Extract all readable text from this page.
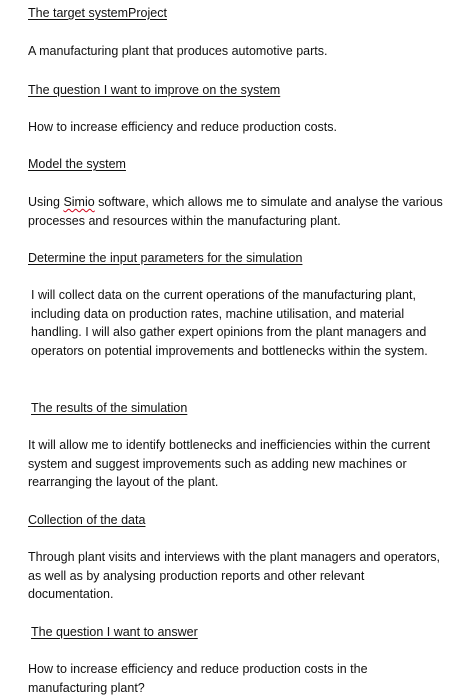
The target systemProject

A manufacturing plant that produces automotive parts.

The question I want to improve on the system

How to increase efficiency and reduce production costs.

Model the system

Using Simio software, which allows me to simulate and analyse the various processes and resources within the manufacturing plant.

Determine the input parameters for the simulation

I will collect data on the current operations of the manufacturing plant, including data on production rates, machine utilisation, and material handling. I will also gather expert opinions from the plant managers and operators on potential improvements and bottlenecks within the system.

The results of the simulation

It will allow me to identify bottlenecks and inefficiencies within the current system and suggest improvements such as adding new machines or rearranging the layout of the plant.

Collection of the data

Through plant visits and interviews with the plant managers and operators, as well as by analysing production reports and other relevant documentation.

The question I want to answer

How to increase efficiency and reduce production costs in the manufacturing plant?
